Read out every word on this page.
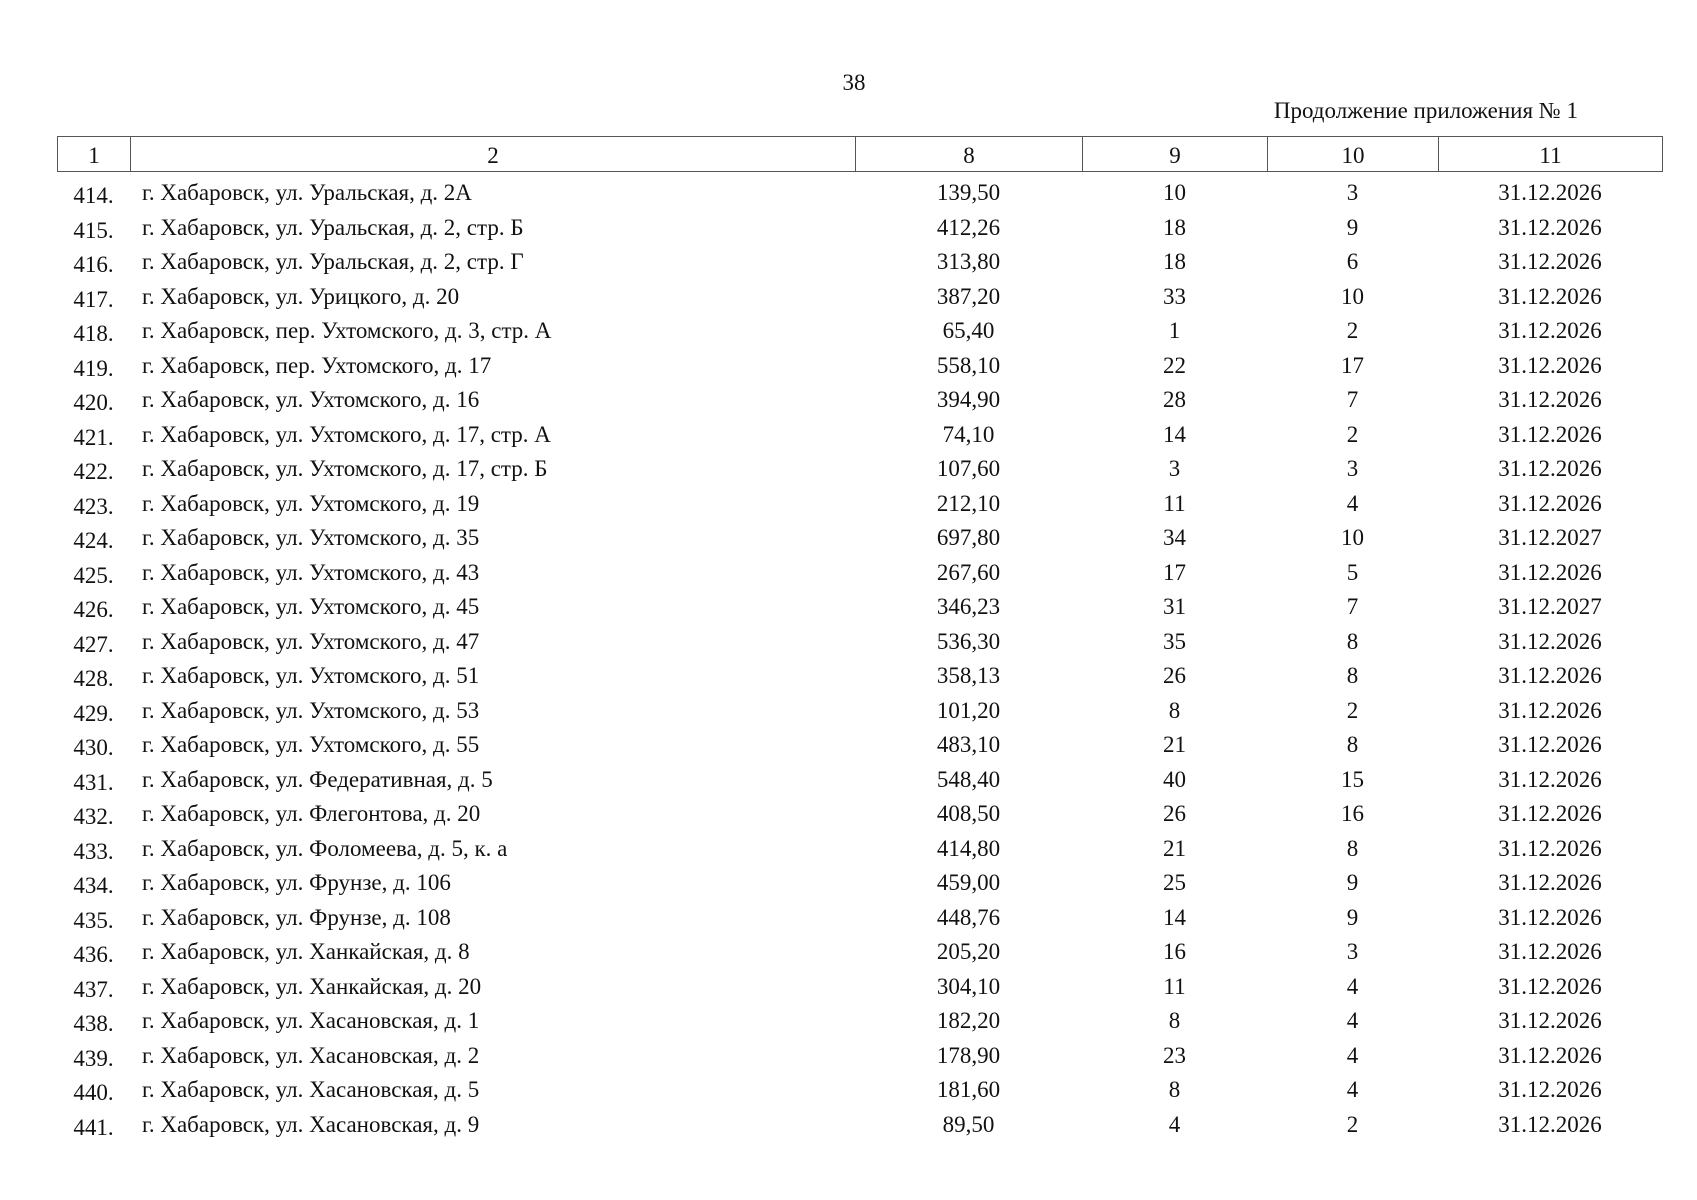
38
Продолжение приложения № 1
1	2	8	9	10	11
414.	г. Хабаровск, ул. Уральская, д. 2А	139,50	10	3	31.12.2026
415.	г. Хабаровск, ул. Уральская, д. 2, стр. Б	412,26	18	9	31.12.2026
416.	г. Хабаровск, ул. Уральская, д. 2, стр. Г	313,80	18	6	31.12.2026
417.	г. Хабаровск, ул. Урицкого, д. 20	387,20	33	10	31.12.2026
418.	г. Хабаровск, пер. Ухтомского, д. 3, стр. А	65,40	1	2	31.12.2026
419.	г. Хабаровск, пер. Ухтомского, д. 17	558,10	22	17	31.12.2026
420.	г. Хабаровск, ул. Ухтомского, д. 16	394,90	28	7	31.12.2026
421.	г. Хабаровск, ул. Ухтомского, д. 17, стр. А	74,10	14	2	31.12.2026
422.	г. Хабаровск, ул. Ухтомского, д. 17, стр. Б	107,60	3	3	31.12.2026
423.	г. Хабаровск, ул. Ухтомского, д. 19	212,10	11	4	31.12.2026
424.	г. Хабаровск, ул. Ухтомского, д. 35	697,80	34	10	31.12.2027
425.	г. Хабаровск, ул. Ухтомского, д. 43	267,60	17	5	31.12.2026
426.	г. Хабаровск, ул. Ухтомского, д. 45	346,23	31	7	31.12.2027
427.	г. Хабаровск, ул. Ухтомского, д. 47	536,30	35	8	31.12.2026
428.	г. Хабаровск, ул. Ухтомского, д. 51	358,13	26	8	31.12.2026
429.	г. Хабаровск, ул. Ухтомского, д. 53	101,20	8	2	31.12.2026
430.	г. Хабаровск, ул. Ухтомского, д. 55	483,10	21	8	31.12.2026
431.	г. Хабаровск, ул. Федеративная, д. 5	548,40	40	15	31.12.2026
432.	г. Хабаровск, ул. Флегонтова, д. 20	408,50	26	16	31.12.2026
433.	г. Хабаровск, ул. Фоломеева, д. 5, к. а	414,80	21	8	31.12.2026
434.	г. Хабаровск, ул. Фрунзе, д. 106	459,00	25	9	31.12.2026
435.	г. Хабаровск, ул. Фрунзе, д. 108	448,76	14	9	31.12.2026
436.	г. Хабаровск, ул. Ханкайская, д. 8	205,20	16	3	31.12.2026
437.	г. Хабаровск, ул. Ханкайская, д. 20	304,10	11	4	31.12.2026
438.	г. Хабаровск, ул. Хасановская, д. 1	182,20	8	4	31.12.2026
439.	г. Хабаровск, ул. Хасановская, д. 2	178,90	23	4	31.12.2026
440.	г. Хабаровск, ул. Хасановская, д. 5	181,60	8	4	31.12.2026
441.	г. Хабаровск, ул. Хасановская, д. 9	89,50	4	2	31.12.2026
